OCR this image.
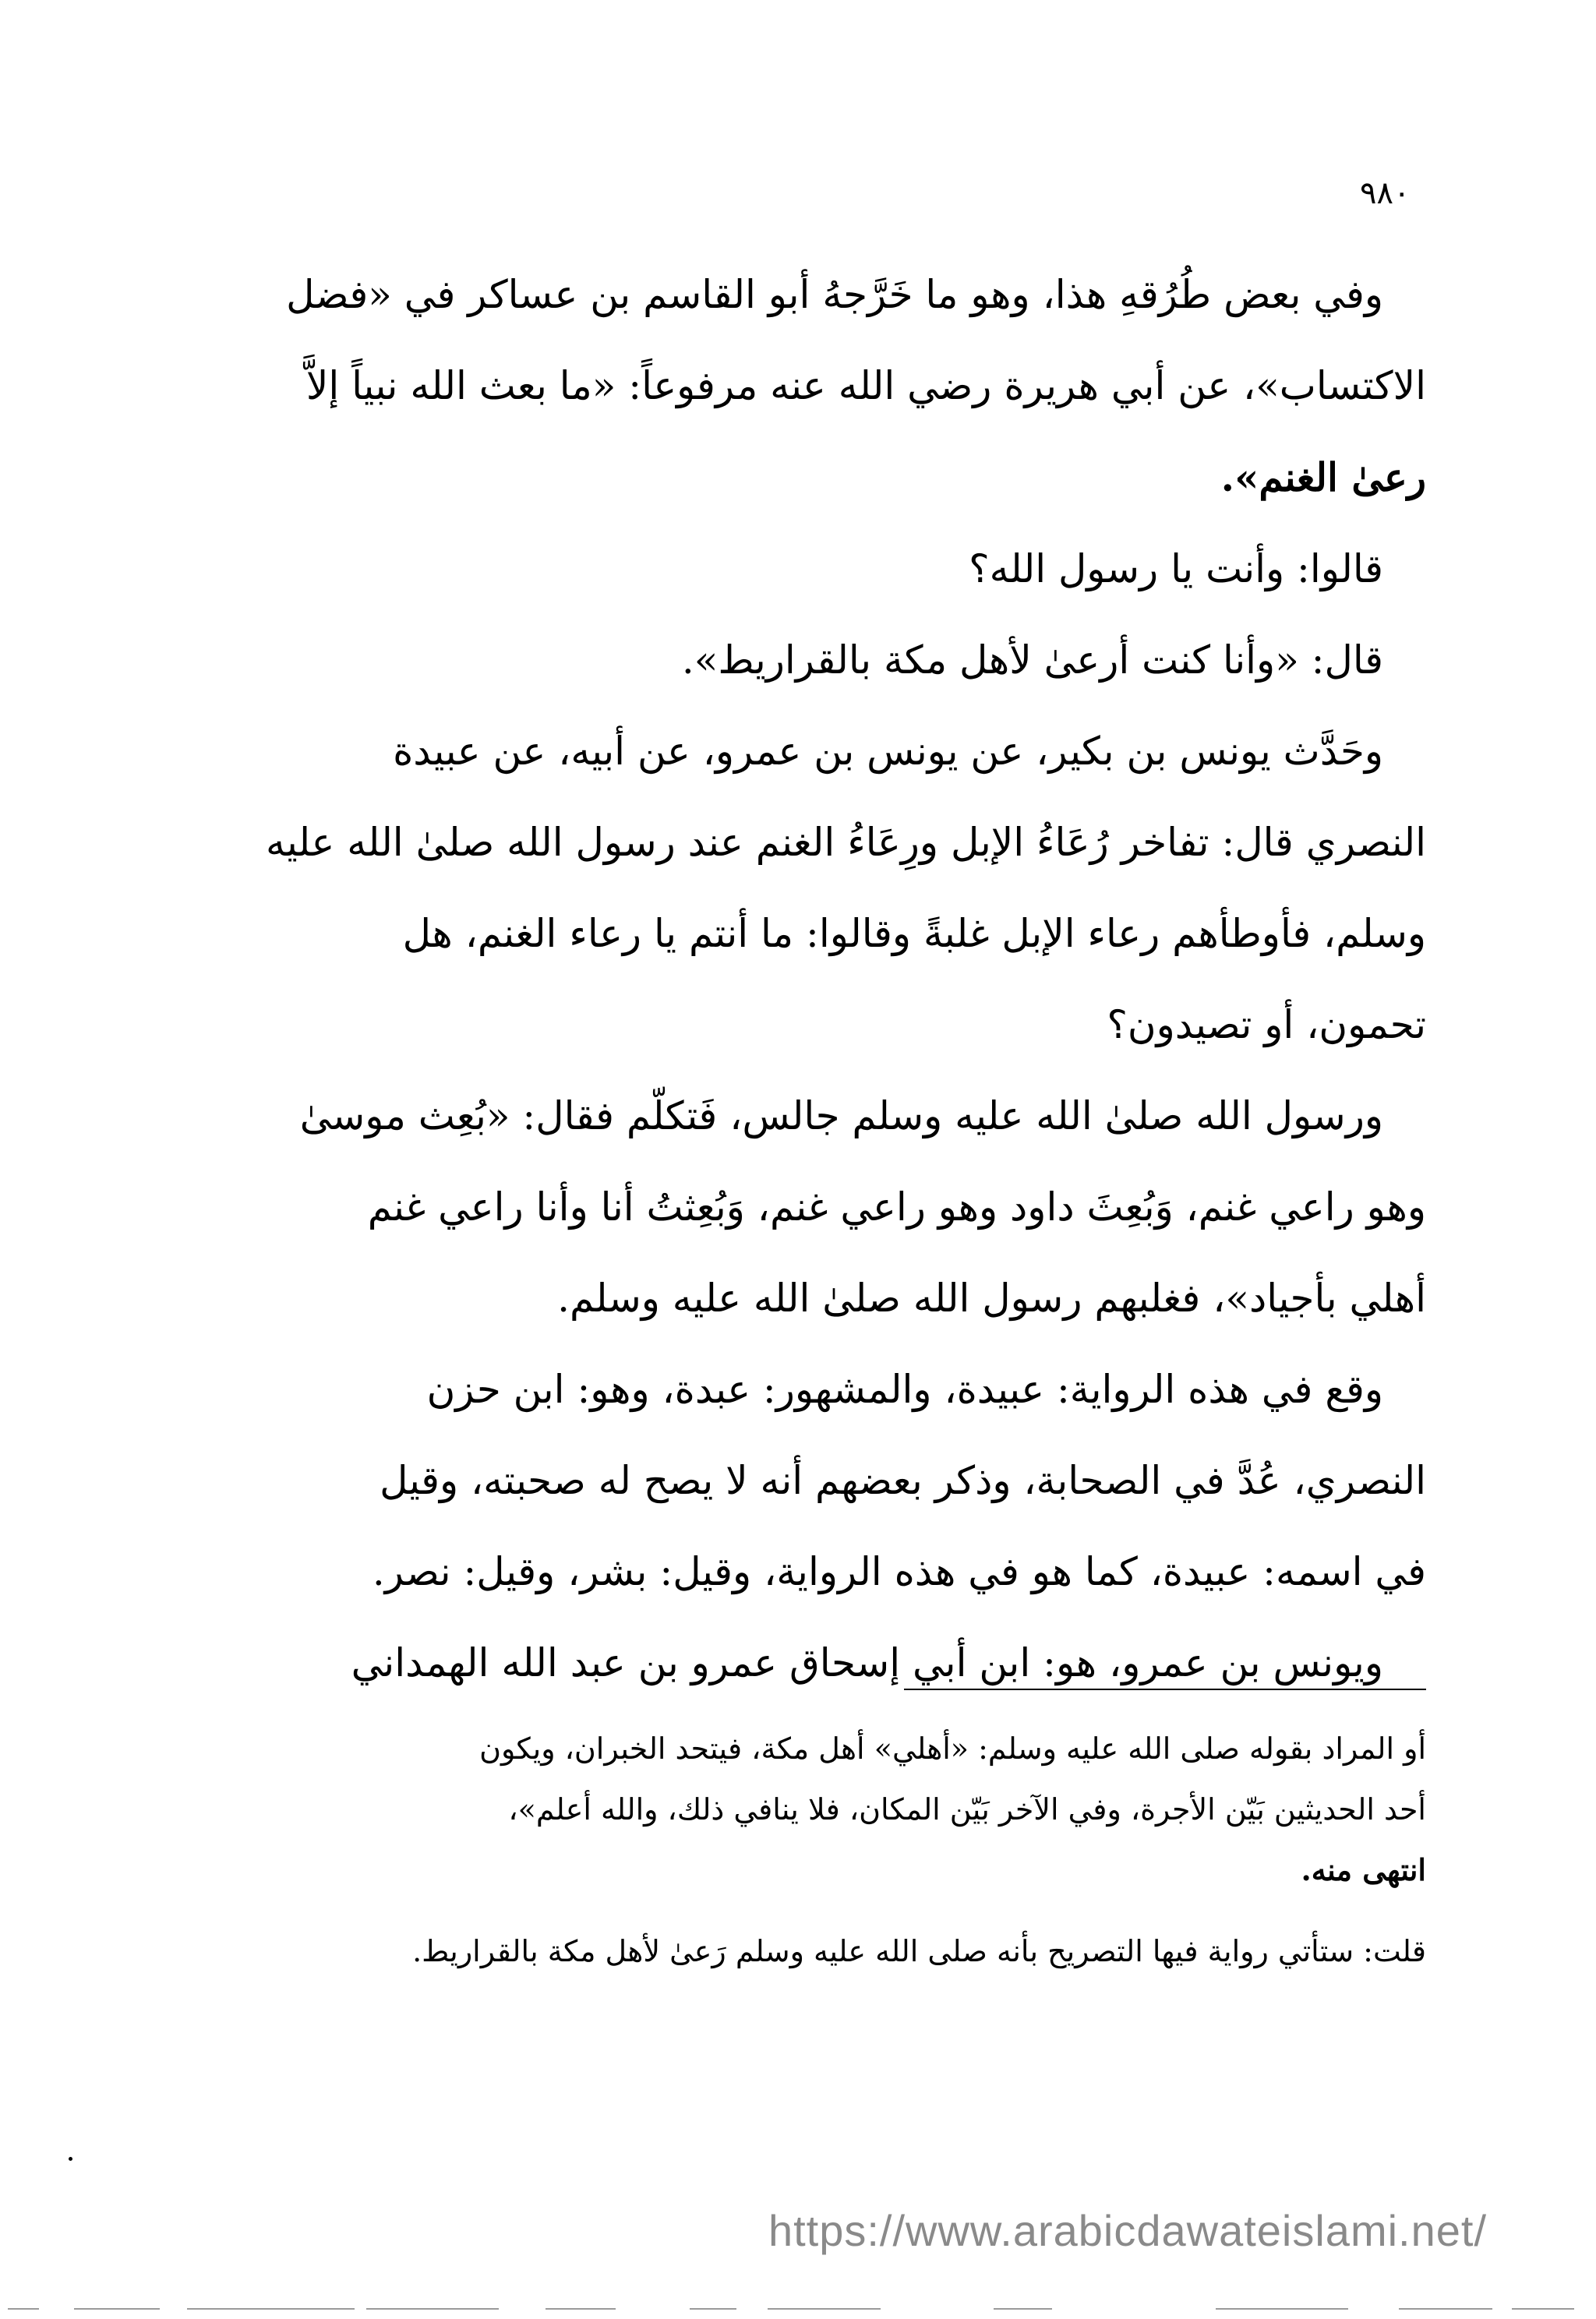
٩٨٠

وفي بعض طُرُقهِ هذا، وهو ما خَرَّجهُ أبو القاسم بن عساكر في «فضل
الاكتساب»، عن أبي هريرة رضي الله عنه مرفوعاً: «ما بعث الله نبياً إلاَّ
رعىٰ الغنم».

قالوا: وأنت يا رسول الله؟

قال: «وأنا كنت أرعىٰ لأهل مكة بالقراريط».

وحَدَّث يونس بن بكير، عن يونس بن عمرو، عن أبيه، عن عبيدة
النصري قال: تفاخر رُعَاءُ الإبل ورِعَاءُ الغنم عند رسول الله صلىٰ الله عليه
وسلم، فأوطأهم رعاء الإبل غلبةً وقالوا: ما أنتم يا رعاء الغنم، هل
تحمون، أو تصيدون؟

ورسول الله صلىٰ الله عليه وسلم جالس، فَتكلّم فقال: «بُعِث موسىٰ
وهو راعي غنم، وَبُعِثَ داود وهو راعي غنم، وَبُعِثتُ أنا وأنا راعي غنم
أهلي بأجياد»، فغلبهم رسول الله صلىٰ الله عليه وسلم.

وقع في هذه الرواية: عبيدة، والمشهور: عبدة، وهو: ابن حزن
النصري، عُدَّ في الصحابة، وذكر بعضهم أنه لا يصح له صحبته، وقيل
في اسمه: عبيدة، كما هو في هذه الرواية، وقيل: بشر، وقيل: نصر.

ويونس بن عمرو، هو: ابن أبي إسحاق عمرو بن عبد الله الهمداني

أو المراد بقوله صلى الله عليه وسلم: «أهلي» أهل مكة، فيتحد الخبران، ويكون
أحد الحديثين بَيّن الأجرة، وفي الآخر بَيّن المكان، فلا ينافي ذلك، والله أعلم»،
انتهى منه.

قلت: ستأتي رواية فيها التصريح بأنه صلى الله عليه وسلم رَعىٰ لأهل مكة بالقراريط.

https://www.arabicdawateislami.net/
